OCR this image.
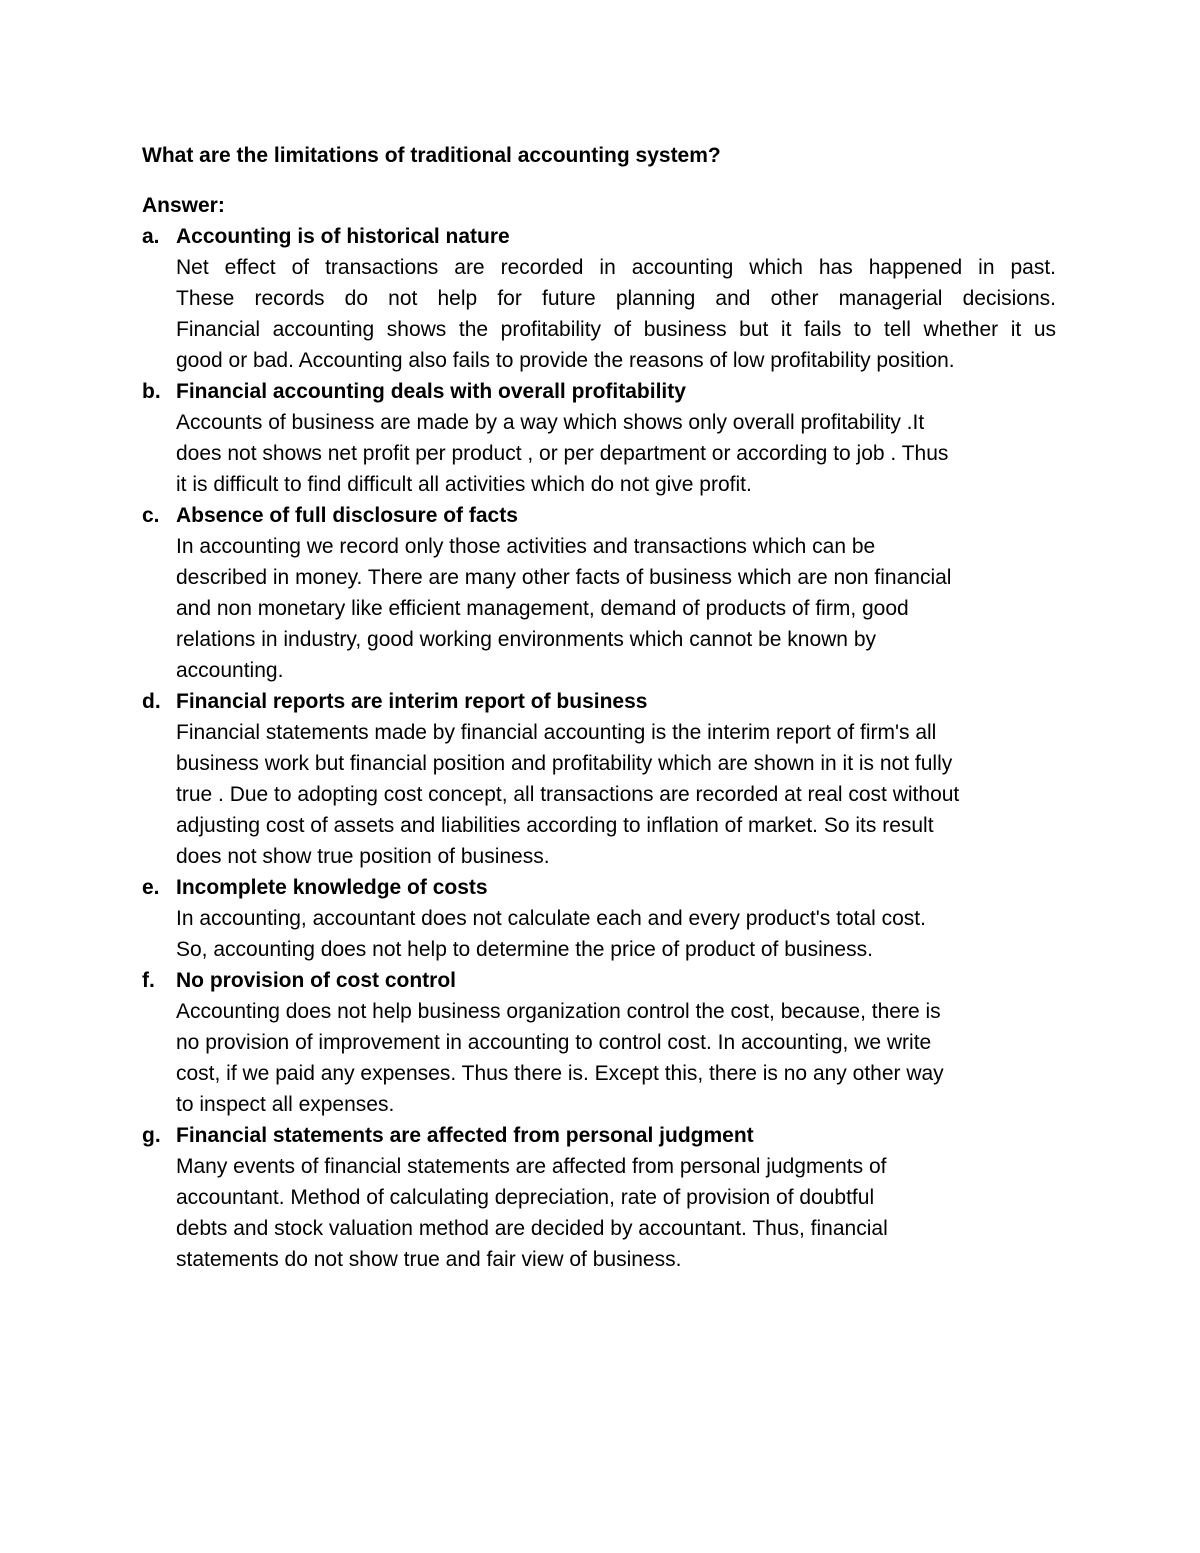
What are the limitations of traditional accounting system?

Answer:

a. Accounting is of historical nature
Net effect of transactions are recorded in accounting which has happened in past.
These records do not help for future planning and other managerial decisions.
Financial accounting shows the profitability of business but it fails to tell whether it us
good or bad. Accounting also fails to provide the reasons of low profitability position.
b. Financial accounting deals with overall profitability
Accounts of business are made by a way which shows only overall profitability .It
does not shows net profit per product , or per department or according to job . Thus
it is difficult to find difficult all activities which do not give profit.
c. Absence of full disclosure of facts
In accounting we record only those activities and transactions which can be
described in money. There are many other facts of business which are non financial
and non monetary like efficient management, demand of products of firm, good
relations in industry, good working environments which cannot be known by
accounting.
d. Financial reports are interim report of business
Financial statements made by financial accounting is the interim report of firm's all
business work but financial position and profitability which are shown in it is not fully
true . Due to adopting cost concept, all transactions are recorded at real cost without
adjusting cost of assets and liabilities according to inflation of market. So its result
does not show true position of business.
e. Incomplete knowledge of costs
In accounting, accountant does not calculate each and every product's total cost.
So, accounting does not help to determine the price of product of business.
f. No provision of cost control
Accounting does not help business organization control the cost, because, there is
no provision of improvement in accounting to control cost. In accounting, we write
cost, if we paid any expenses. Thus there is. Except this, there is no any other way
to inspect all expenses.
g. Financial statements are affected from personal judgment
Many events of financial statements are affected from personal judgments of
accountant. Method of calculating depreciation, rate of provision of doubtful
debts and stock valuation method are decided by accountant. Thus, financial
statements do not show true and fair view of business.
